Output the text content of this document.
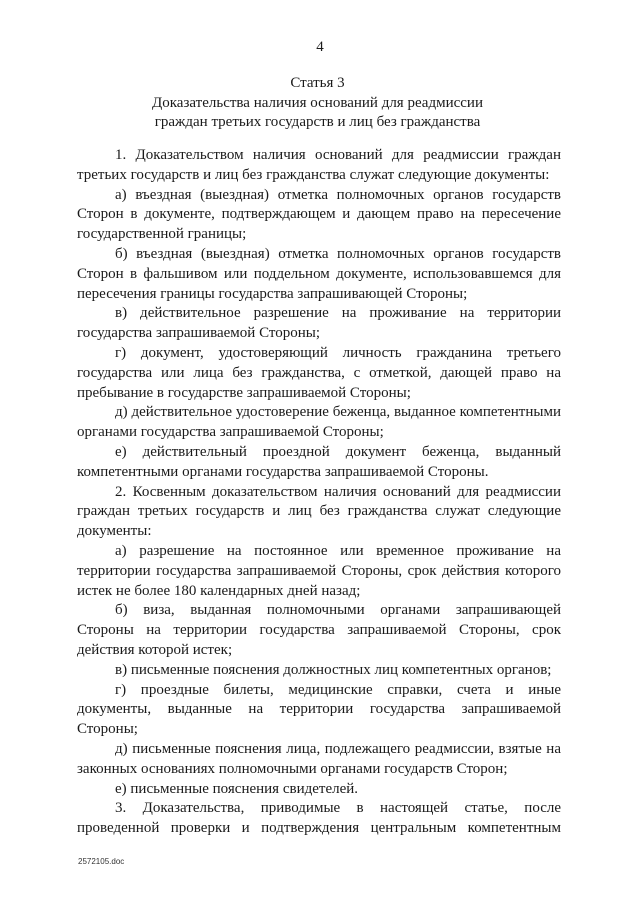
4
Статья 3
Доказательства наличия оснований для реадмиссии
граждан третьих государств и лиц без гражданства
1. Доказательством наличия оснований для реадмиссии граждан
третьих государств и лиц без гражданства служат следующие документы:
а) въездная (выездная) отметка полномочных органов государств
Сторон в документе, подтверждающем и дающем право на пересечение
государственной границы;
б) въездная (выездная) отметка полномочных органов государств
Сторон в фальшивом или поддельном документе, использовавшемся для
пересечения границы государства запрашивающей Стороны;
в) действительное разрешение на проживание на территории
государства запрашиваемой Стороны;
г) документ, удостоверяющий личность гражданина третьего
государства или лица без гражданства, с отметкой, дающей право на
пребывание в государстве запрашиваемой Стороны;
д) действительное удостоверение беженца, выданное компетентными
органами государства запрашиваемой Стороны;
е) действительный проездной документ беженца, выданный
компетентными органами государства запрашиваемой Стороны.
2. Косвенным доказательством наличия оснований для реадмиссии
граждан третьих государств и лиц без гражданства служат следующие
документы:
а) разрешение на постоянное или временное проживание на
территории государства запрашиваемой Стороны, срок действия которого
истек не более 180 календарных дней назад;
б) виза, выданная полномочными органами запрашивающей
Стороны на территории государства запрашиваемой Стороны, срок
действия которой истек;
в) письменные пояснения должностных лиц компетентных органов;
г) проездные билеты, медицинские справки, счета и иные
документы, выданные на территории государства запрашиваемой
Стороны;
д) письменные пояснения лица, подлежащего реадмиссии, взятые на
законных основаниях полномочными органами государств Сторон;
е) письменные пояснения свидетелей.
3. Доказательства, приводимые в настоящей статье, после
проведенной проверки и подтверждения центральным компетентным
2572105.doc
